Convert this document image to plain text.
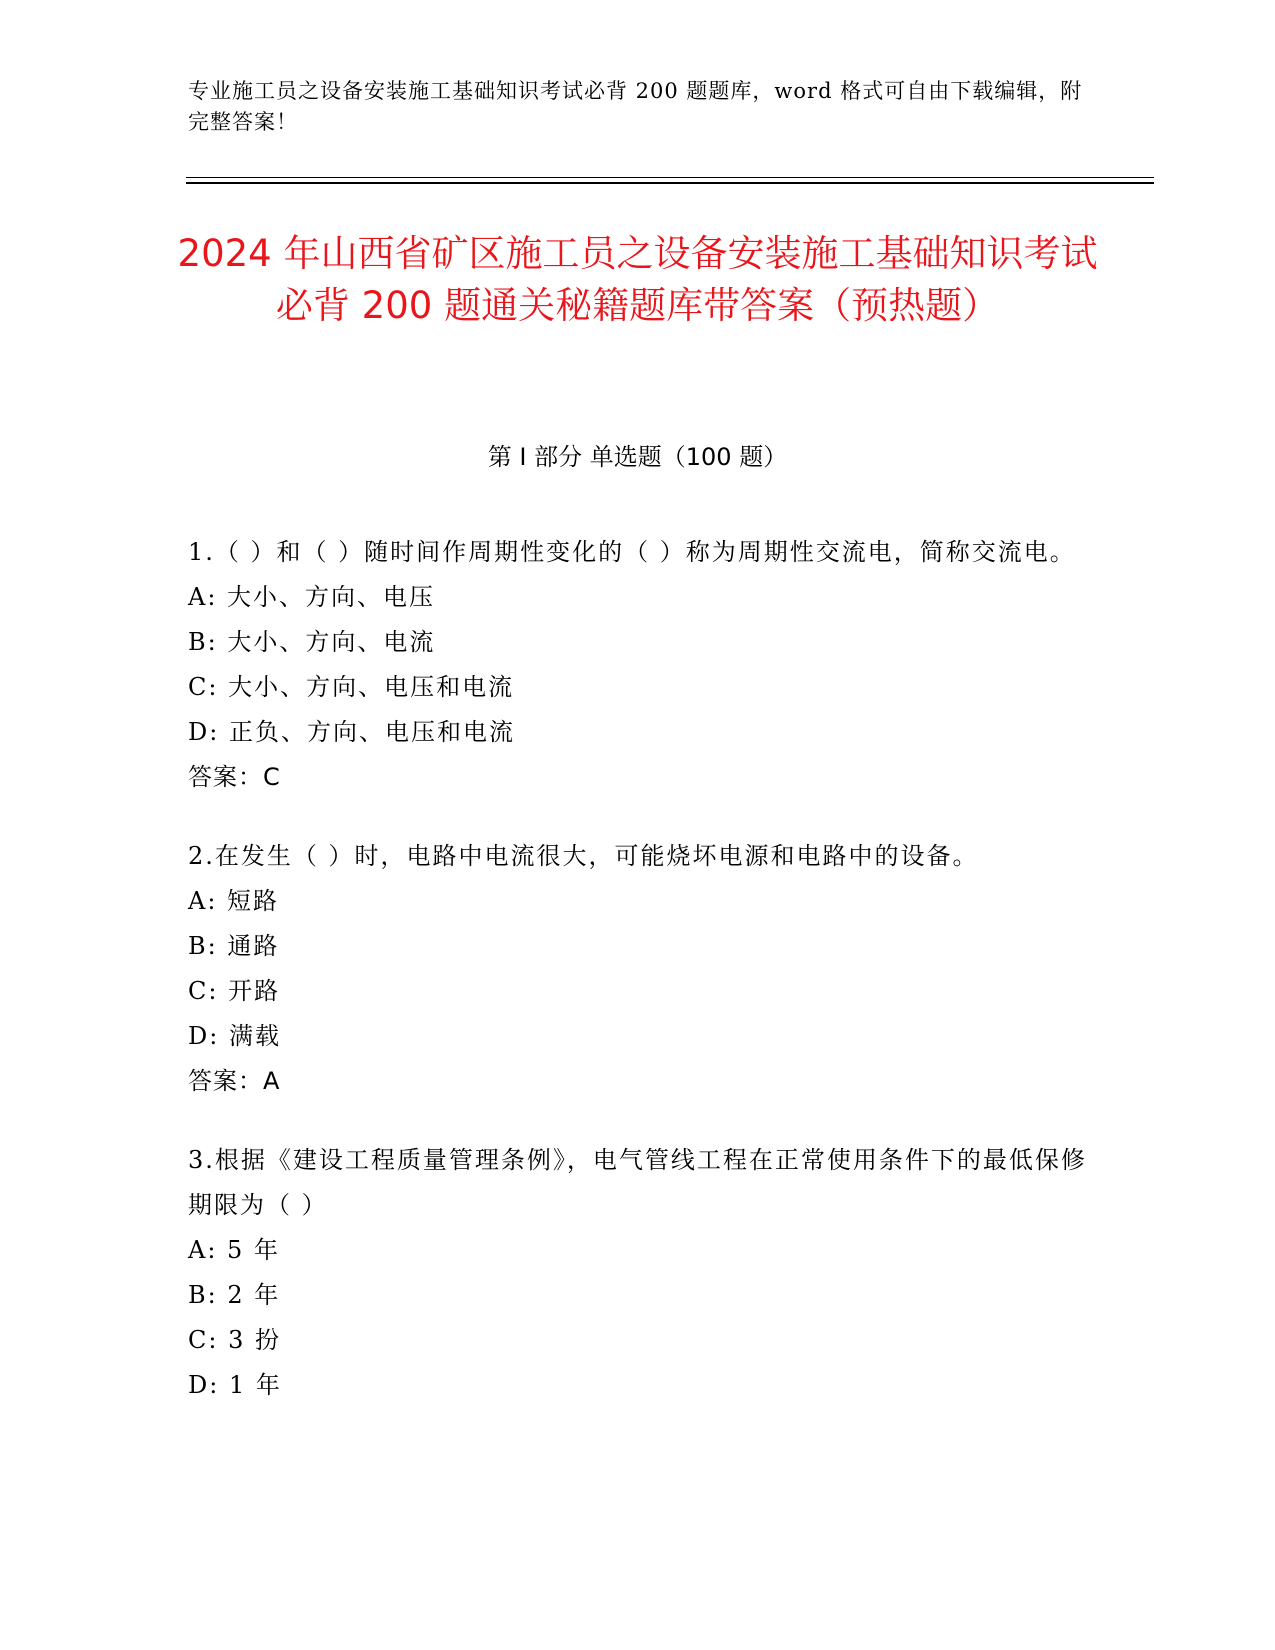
专业施工员之设备安装施工基础知识考试必背 200 题题库，word 格式可自由下载编辑，附完整答案！
2024 年山西省矿区施工员之设备安装施工基础知识考试必背 200 题通关秘籍题库带答案（预热题）
第 I 部分 单选题（100 题）

1.（ ）和（ ）随时间作周期性变化的（ ）称为周期性交流电，简称交流电。

A: 大小、方向、电压
B: 大小、方向、电流
C: 大小、方向、电压和电流
D: 正负、方向、电压和电流
答案：C

2.在发生（ ）时，电路中电流很大，可能烧坏电源和电路中的设备。

A: 短路
B: 通路
C: 开路
D: 满载
答案：A

3.根据《建设工程质量管理条例》，电气管线工程在正常使用条件下的最低保修期限为（ ）

A: 5 年
B: 2 年
C: 3 扮
D: 1 年
